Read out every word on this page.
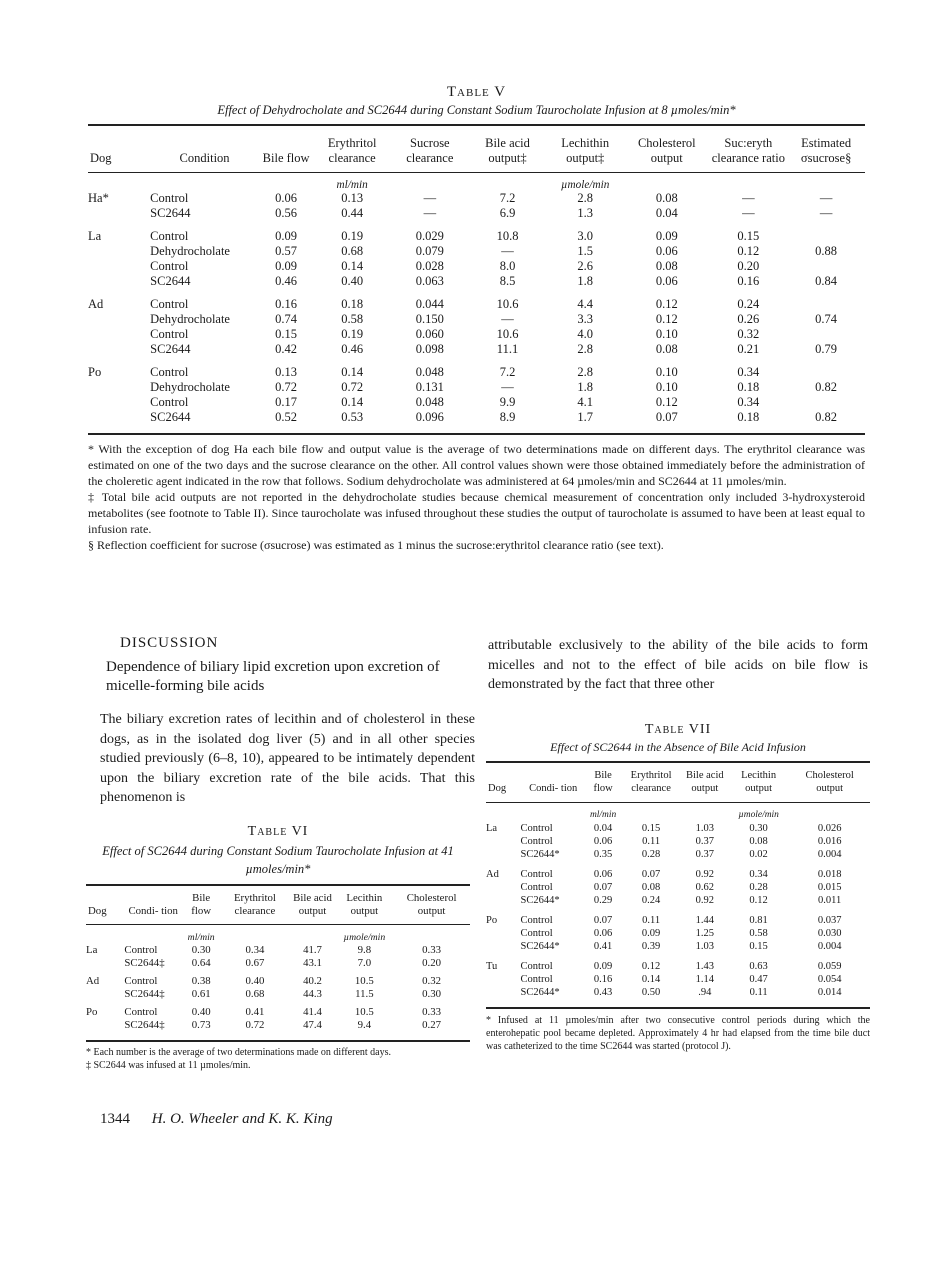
Table V
Effect of Dehydrocholate and SC2644 during Constant Sodium Taurocholate Infusion at 8 µmoles/min*
Dog	Condition	Bile flow	Erythritol clearance	Sucrose clearance	Bile acid output‡	Lechithin output‡	Cholesterol output	Suc:eryth clearance ratio	Estimated σsucrose§
			ml/min			µmole/min			
Ha*	Control	0.06	0.13	—	7.2	2.8	0.08	—	—
	SC2644	0.56	0.44	—	6.9	1.3	0.04	—	—

La	Control	0.09	0.19	0.029	10.8	3.0	0.09	0.15	
	Dehydrocholate	0.57	0.68	0.079	—	1.5	0.06	0.12	0.88
	Control	0.09	0.14	0.028	8.0	2.6	0.08	0.20	
	SC2644	0.46	0.40	0.063	8.5	1.8	0.06	0.16	0.84

Ad	Control	0.16	0.18	0.044	10.6	4.4	0.12	0.24	
	Dehydrocholate	0.74	0.58	0.150	—	3.3	0.12	0.26	0.74
	Control	0.15	0.19	0.060	10.6	4.0	0.10	0.32	
	SC2644	0.42	0.46	0.098	11.1	2.8	0.08	0.21	0.79

Po	Control	0.13	0.14	0.048	7.2	2.8	0.10	0.34	
	Dehydrocholate	0.72	0.72	0.131	—	1.8	0.10	0.18	0.82
	Control	0.17	0.14	0.048	9.9	4.1	0.12	0.34	
	SC2644	0.52	0.53	0.096	8.9	1.7	0.07	0.18	0.82

* With the exception of dog Ha each bile flow and output value is the average of two determinations made on different days. The erythritol clearance was estimated on one of the two days and the sucrose clearance on the other. All control values shown were those obtained immediately before the administration of the choleretic agent indicated in the row that follows. Sodium dehydrocholate was administered at 64 µmoles/min and SC2644 at 11 µmoles/min.

‡ Total bile acid outputs are not reported in the dehydrocholate studies because chemical measurement of concentration only included 3-hydroxysteroid metabolites (see footnote to Table II). Since taurocholate was infused throughout these studies the output of taurocholate is assumed to have been at least equal to infusion rate.

§ Reflection coefficient for sucrose (σsucrose) was estimated as 1 minus the sucrose:erythritol clearance ratio (see text).

DISCUSSION
Dependence of biliary lipid excretion upon excretion of micelle-forming bile acids

The biliary excretion rates of lecithin and of cholesterol in these dogs, as in the isolated dog liver (5) and in all other species studied previously (6–8, 10), appeared to be intimately dependent upon the biliary excretion rate of the bile acids. That this phenomenon is

attributable exclusively to the ability of the bile acids to form micelles and not to the effect of bile acids on bile flow is demonstrated by the fact that three other

Table VI
Effect of SC2644 during Constant Sodium Taurocholate Infusion at 41 µmoles/min*
Dog	Condi- tion	Bile flow	Erythritol clearance	Bile acid output	Lecithin output	Cholesterol output
		ml/min			µmole/min	
La	Control	0.30	0.34	41.7	9.8	0.33
	SC2644‡	0.64	0.67	43.1	7.0	0.20

Ad	Control	0.38	0.40	40.2	10.5	0.32
	SC2644‡	0.61	0.68	44.3	11.5	0.30

Po	Control	0.40	0.41	41.4	10.5	0.33
	SC2644‡	0.73	0.72	47.4	9.4	0.27

* Each number is the average of two determinations made on different days.

‡ SC2644 was infused at 11 µmoles/min.

Table VII
Effect of SC2644 in the Absence of Bile Acid Infusion
Dog	Condi- tion	Bile flow	Erythritol clearance	Bile acid output	Lecithin output	Cholesterol output
		ml/min			µmole/min	
La	Control	0.04	0.15	1.03	0.30	0.026
	Control	0.06	0.11	0.37	0.08	0.016
	SC2644*	0.35	0.28	0.37	0.02	0.004

Ad	Control	0.06	0.07	0.92	0.34	0.018
	Control	0.07	0.08	0.62	0.28	0.015
	SC2644*	0.29	0.24	0.92	0.12	0.011

Po	Control	0.07	0.11	1.44	0.81	0.037
	Control	0.06	0.09	1.25	0.58	0.030
	SC2644*	0.41	0.39	1.03	0.15	0.004

Tu	Control	0.09	0.12	1.43	0.63	0.059
	Control	0.16	0.14	1.14	0.47	0.054
	SC2644*	0.43	0.50	.94	0.11	0.014

* Infused at 11 µmoles/min after two consecutive control periods during which the enterohepatic pool became depleted. Approximately 4 hr had elapsed from the time bile duct was catheterized to the time SC2644 was started (protocol J).

1344 H. O. Wheeler and K. K. King
